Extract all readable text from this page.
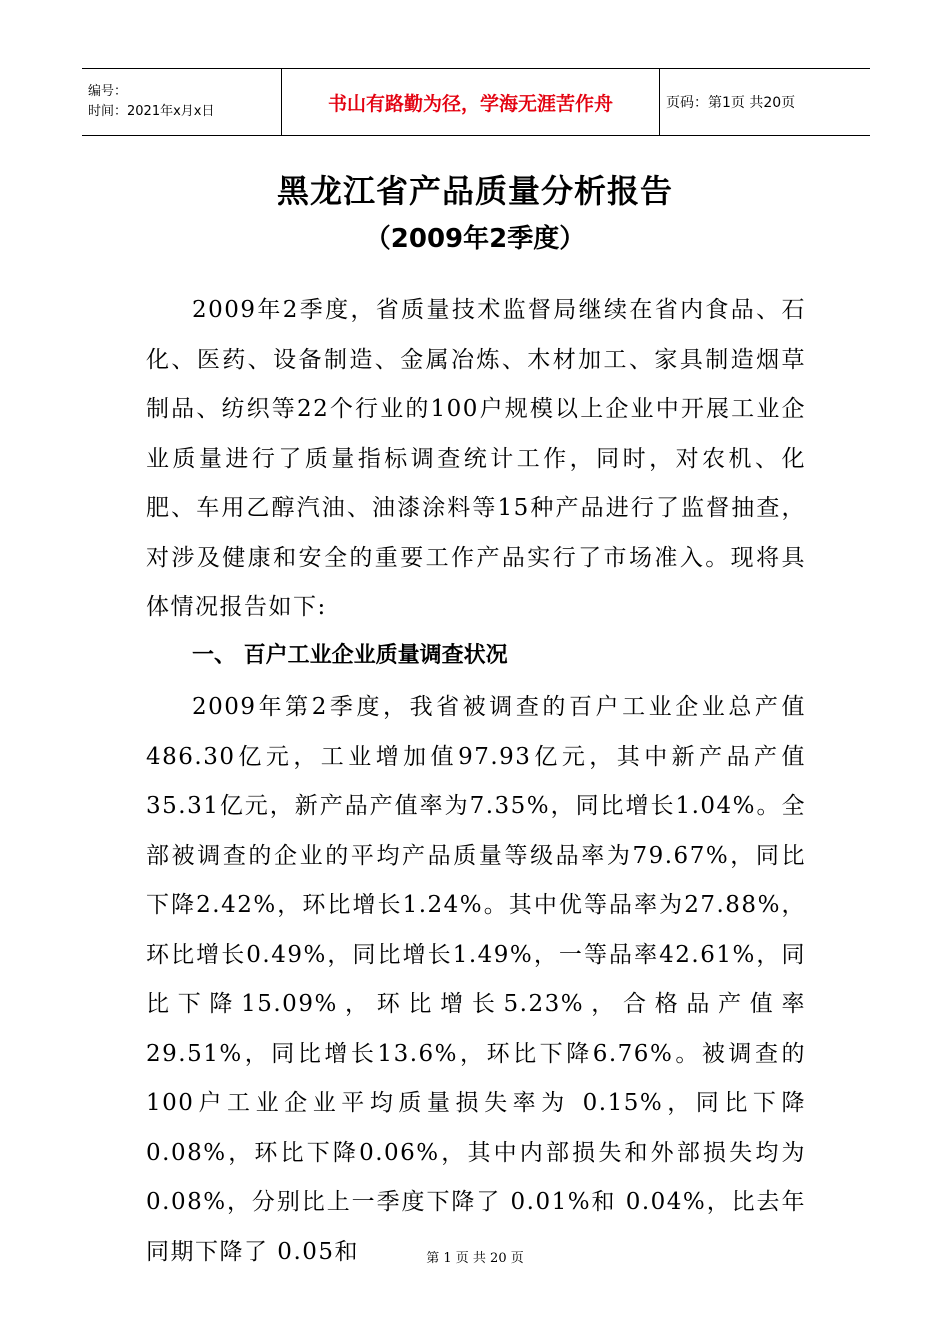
编号：
时间：2021年x月x日	书山有路勤为径，学海无涯苦作舟	页码：第1页 共20页
黑龙江省产品质量分析报告
（2009年2季度）

2009年2季度，省质量技术监督局继续在省内食品、石化、医药、设备制造、金属冶炼、木材加工、家具制造烟草制品、纺织等22个行业的100户规模以上企业中开展工业企业质量进行了质量指标调查统计工作，同时，对农机、化肥、车用乙醇汽油、油漆涂料等15种产品进行了监督抽查，对涉及健康和安全的重要工作产品实行了市场准入。现将具体情况报告如下:

一、 百户工业企业质量调查状况

2009年第2季度，我省被调查的百户工业企业总产值486.30亿元，工业增加值97.93亿元，其中新产品产值35.31亿元，新产品产值率为7.35%，同比增长1.04%。全部被调查的企业的平均产品质量等级品率为79.67%，同比下降2.42%，环比增长1.24%。其中优等品率为27.88%，环比增长0.49%，同比增长1.49%，一等品率42.61%，同比下降15.09%，环比增长5.23%，合格品产值率29.51%，同比增长13.6%，环比下降6.76%。被调查的100户工业企业平均质量损失率为 0.15%，同比下降 0.08%，环比下降0.06%，其中内部损失和外部损失均为0.08%，分别比上一季度下降了 0.01%和 0.04%，比去年同期下降了 0.05和	第 1 页 共 20 页
